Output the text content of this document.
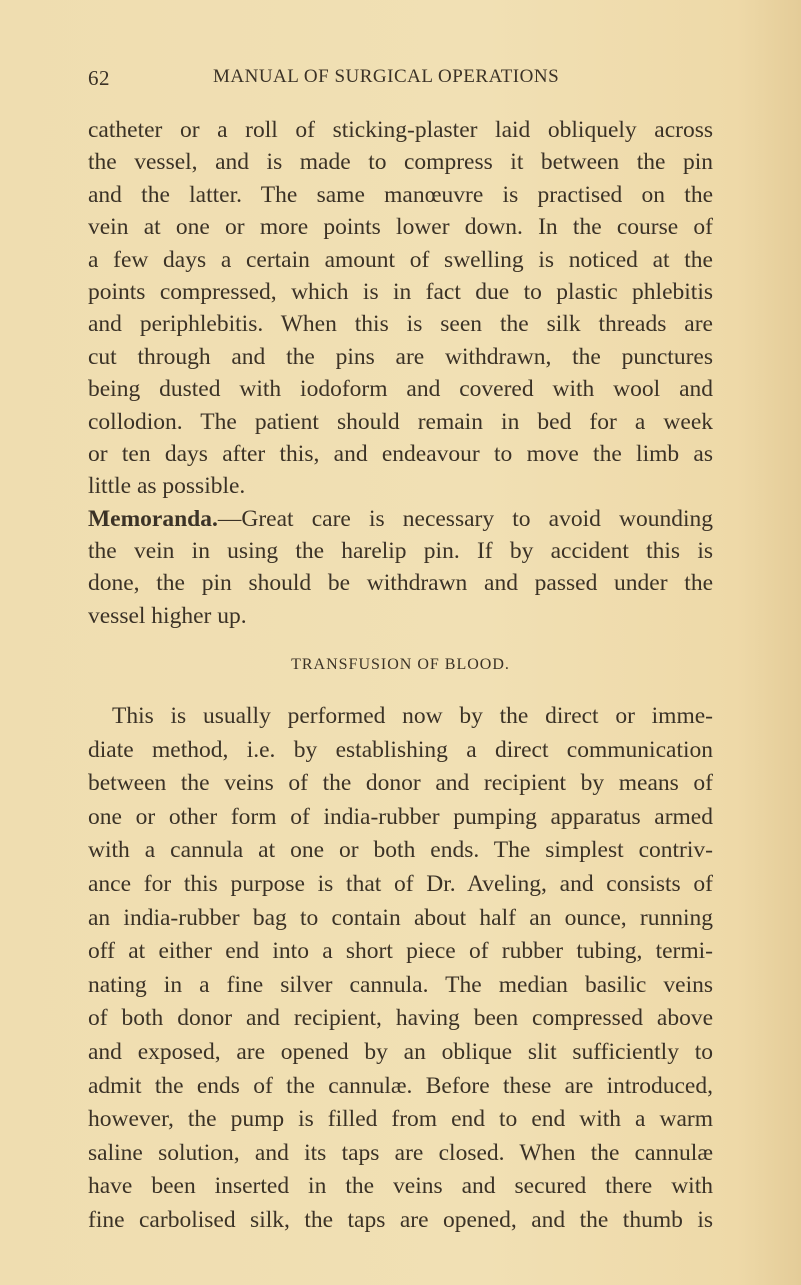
62	MANUAL OF SURGICAL OPERATIONS
catheter or a roll of sticking-plaster laid obliquely across
the vessel, and is made to compress it between the pin
and the latter. The same manœuvre is practised on the
vein at one or more points lower down. In the course of
a few days a certain amount of swelling is noticed at the
points compressed, which is in fact due to plastic phlebitis
and periphlebitis. When this is seen the silk threads are
cut through and the pins are withdrawn, the punctures
being dusted with iodoform and covered with wool and
collodion. The patient should remain in bed for a week
or ten days after this, and endeavour to move the limb as
little as possible.
Memoranda. —Great care is necessary to avoid wounding
the vein in using the harelip pin. If by accident this is
done, the pin should be withdrawn and passed under the
vessel higher up.
TRANSFUSION OF BLOOD.
This is usually performed now by the direct or imme-
diate method, i.e. by establishing a direct communication
between the veins of the donor and recipient by means of
one or other form of india-rubber pumping apparatus armed
with a cannula at one or both ends. The simplest contriv-
ance for this purpose is that of Dr. Aveling, and consists of
an india-rubber bag to contain about half an ounce, running
off at either end into a short piece of rubber tubing, termi-
nating in a fine silver cannula. The median basilic veins
of both donor and recipient, having been compressed above
and exposed, are opened by an oblique slit sufficiently to
admit the ends of the cannulæ. Before these are introduced,
however, the pump is filled from end to end with a warm
saline solution, and its taps are closed. When the cannulæ
have been inserted in the veins and secured there with
fine carbolised silk, the taps are opened, and the thumb is
